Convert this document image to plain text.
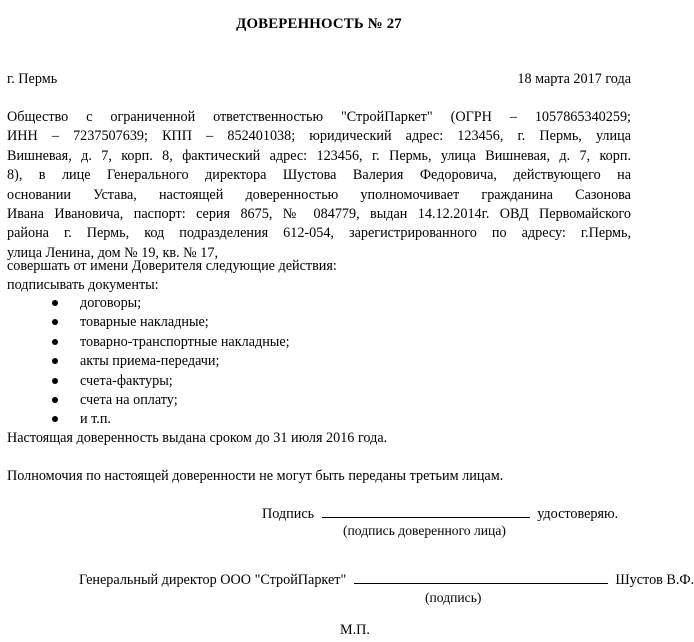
ДОВЕРЕННОСТЬ № 27
г. Пермь	18 марта 2017 года

Общество с ограниченной ответственностью "СтройПаркет" (ОГРН – 1057865340259;

ИНН – 7237507639; КПП – 852401038; юридический адрес: 123456, г. Пермь, улица

Вишневая, д. 7, корп. 8, фактический адрес: 123456, г. Пермь, улица Вишневая, д. 7, корп.

8), в лице Генерального директора Шустова Валерия Федоровича, действующего на

основании Устава, настоящей доверенностью уполномочивает гражданина Сазонова

Ивана Ивановича, паспорт: серия 8675, № 084779, выдан 14.12.2014г. ОВД Первомайского

района г. Пермь, код подразделения 612-054, зарегистрированного по адресу: г.Пермь,

улица Ленина, дом № 19, кв. № 17,

совершать от имени Доверителя следующие действия:
подписывать документы:
договоры;
товарные накладные;
товарно-транспортные накладные;
акты приема-передачи;
счета-фактуры;
счета на оплату;
и т.п.
Настоящая доверенность выдана сроком до 31 июля 2016 года.
Полномочия по настоящей доверенности не могут быть переданы третьим лицам.
Подпись	удостоверяю.
(подпись доверенного лица)
Генеральный директор ООО "СтройПаркет"	Шустов В.Ф.
(подпись)
М.П.
